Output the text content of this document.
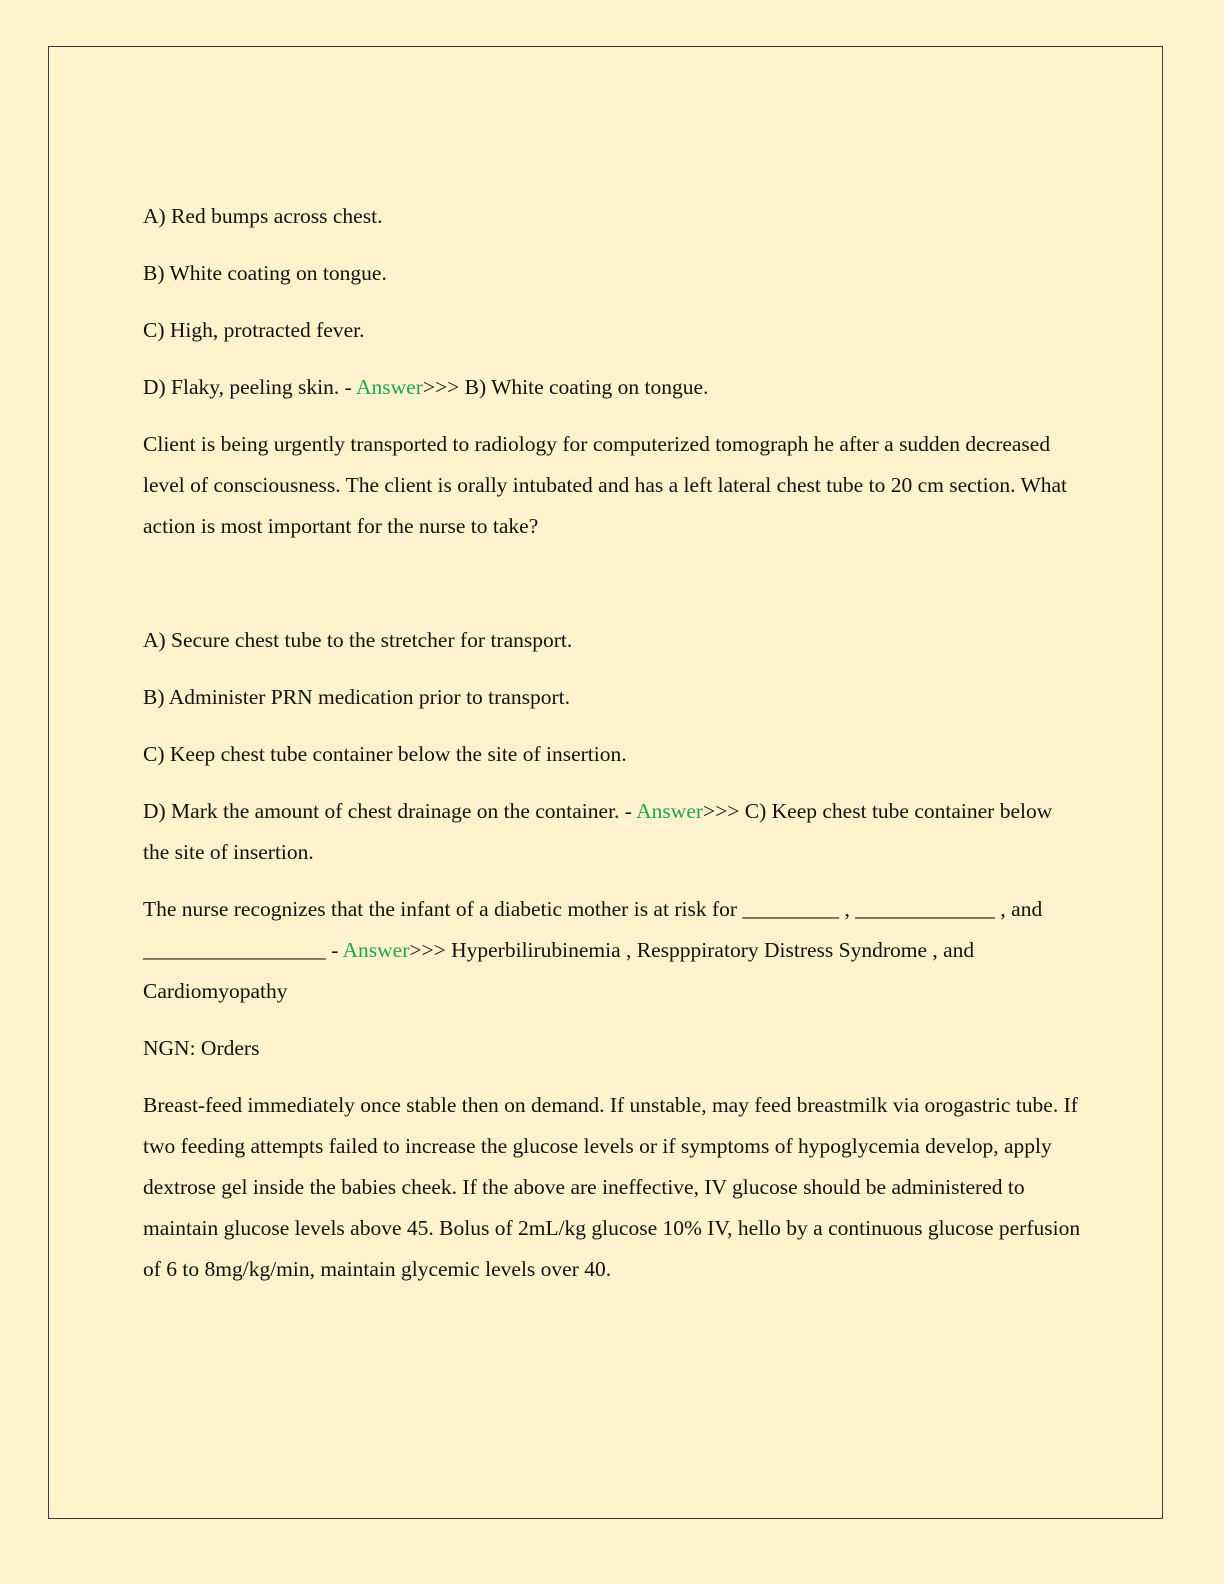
A) Red bumps across chest.

B) White coating on tongue.

C) High, protracted fever.

D) Flaky, peeling skin. - Answer>>> B) White coating on tongue.

Client is being urgently transported to radiology for computerized tomograph he after a sudden decreased level of consciousness. The client is orally intubated and has a left lateral chest tube to 20 cm section. What action is most important for the nurse to take?

A) Secure chest tube to the stretcher for transport.

B) Administer PRN medication prior to transport.

C) Keep chest tube container below the site of insertion.

D) Mark the amount of chest drainage on the container. - Answer>>> C) Keep chest tube container below the site of insertion.

The nurse recognizes that the infant of a diabetic mother is at risk for _________ , _____________ , and _________________ - Answer>>> Hyperbilirubinemia , Respppiratory Distress Syndrome , and Cardiomyopathy

NGN: Orders

Breast-feed immediately once stable then on demand. If unstable, may feed breastmilk via orogastric tube. If two feeding attempts failed to increase the glucose levels or if symptoms of hypoglycemia develop, apply dextrose gel inside the babies cheek. If the above are ineffective, IV glucose should be administered to maintain glucose levels above 45. Bolus of 2mL/kg glucose 10% IV, hello by a continuous glucose perfusion of 6 to 8mg/kg/min, maintain glycemic levels over 40.
